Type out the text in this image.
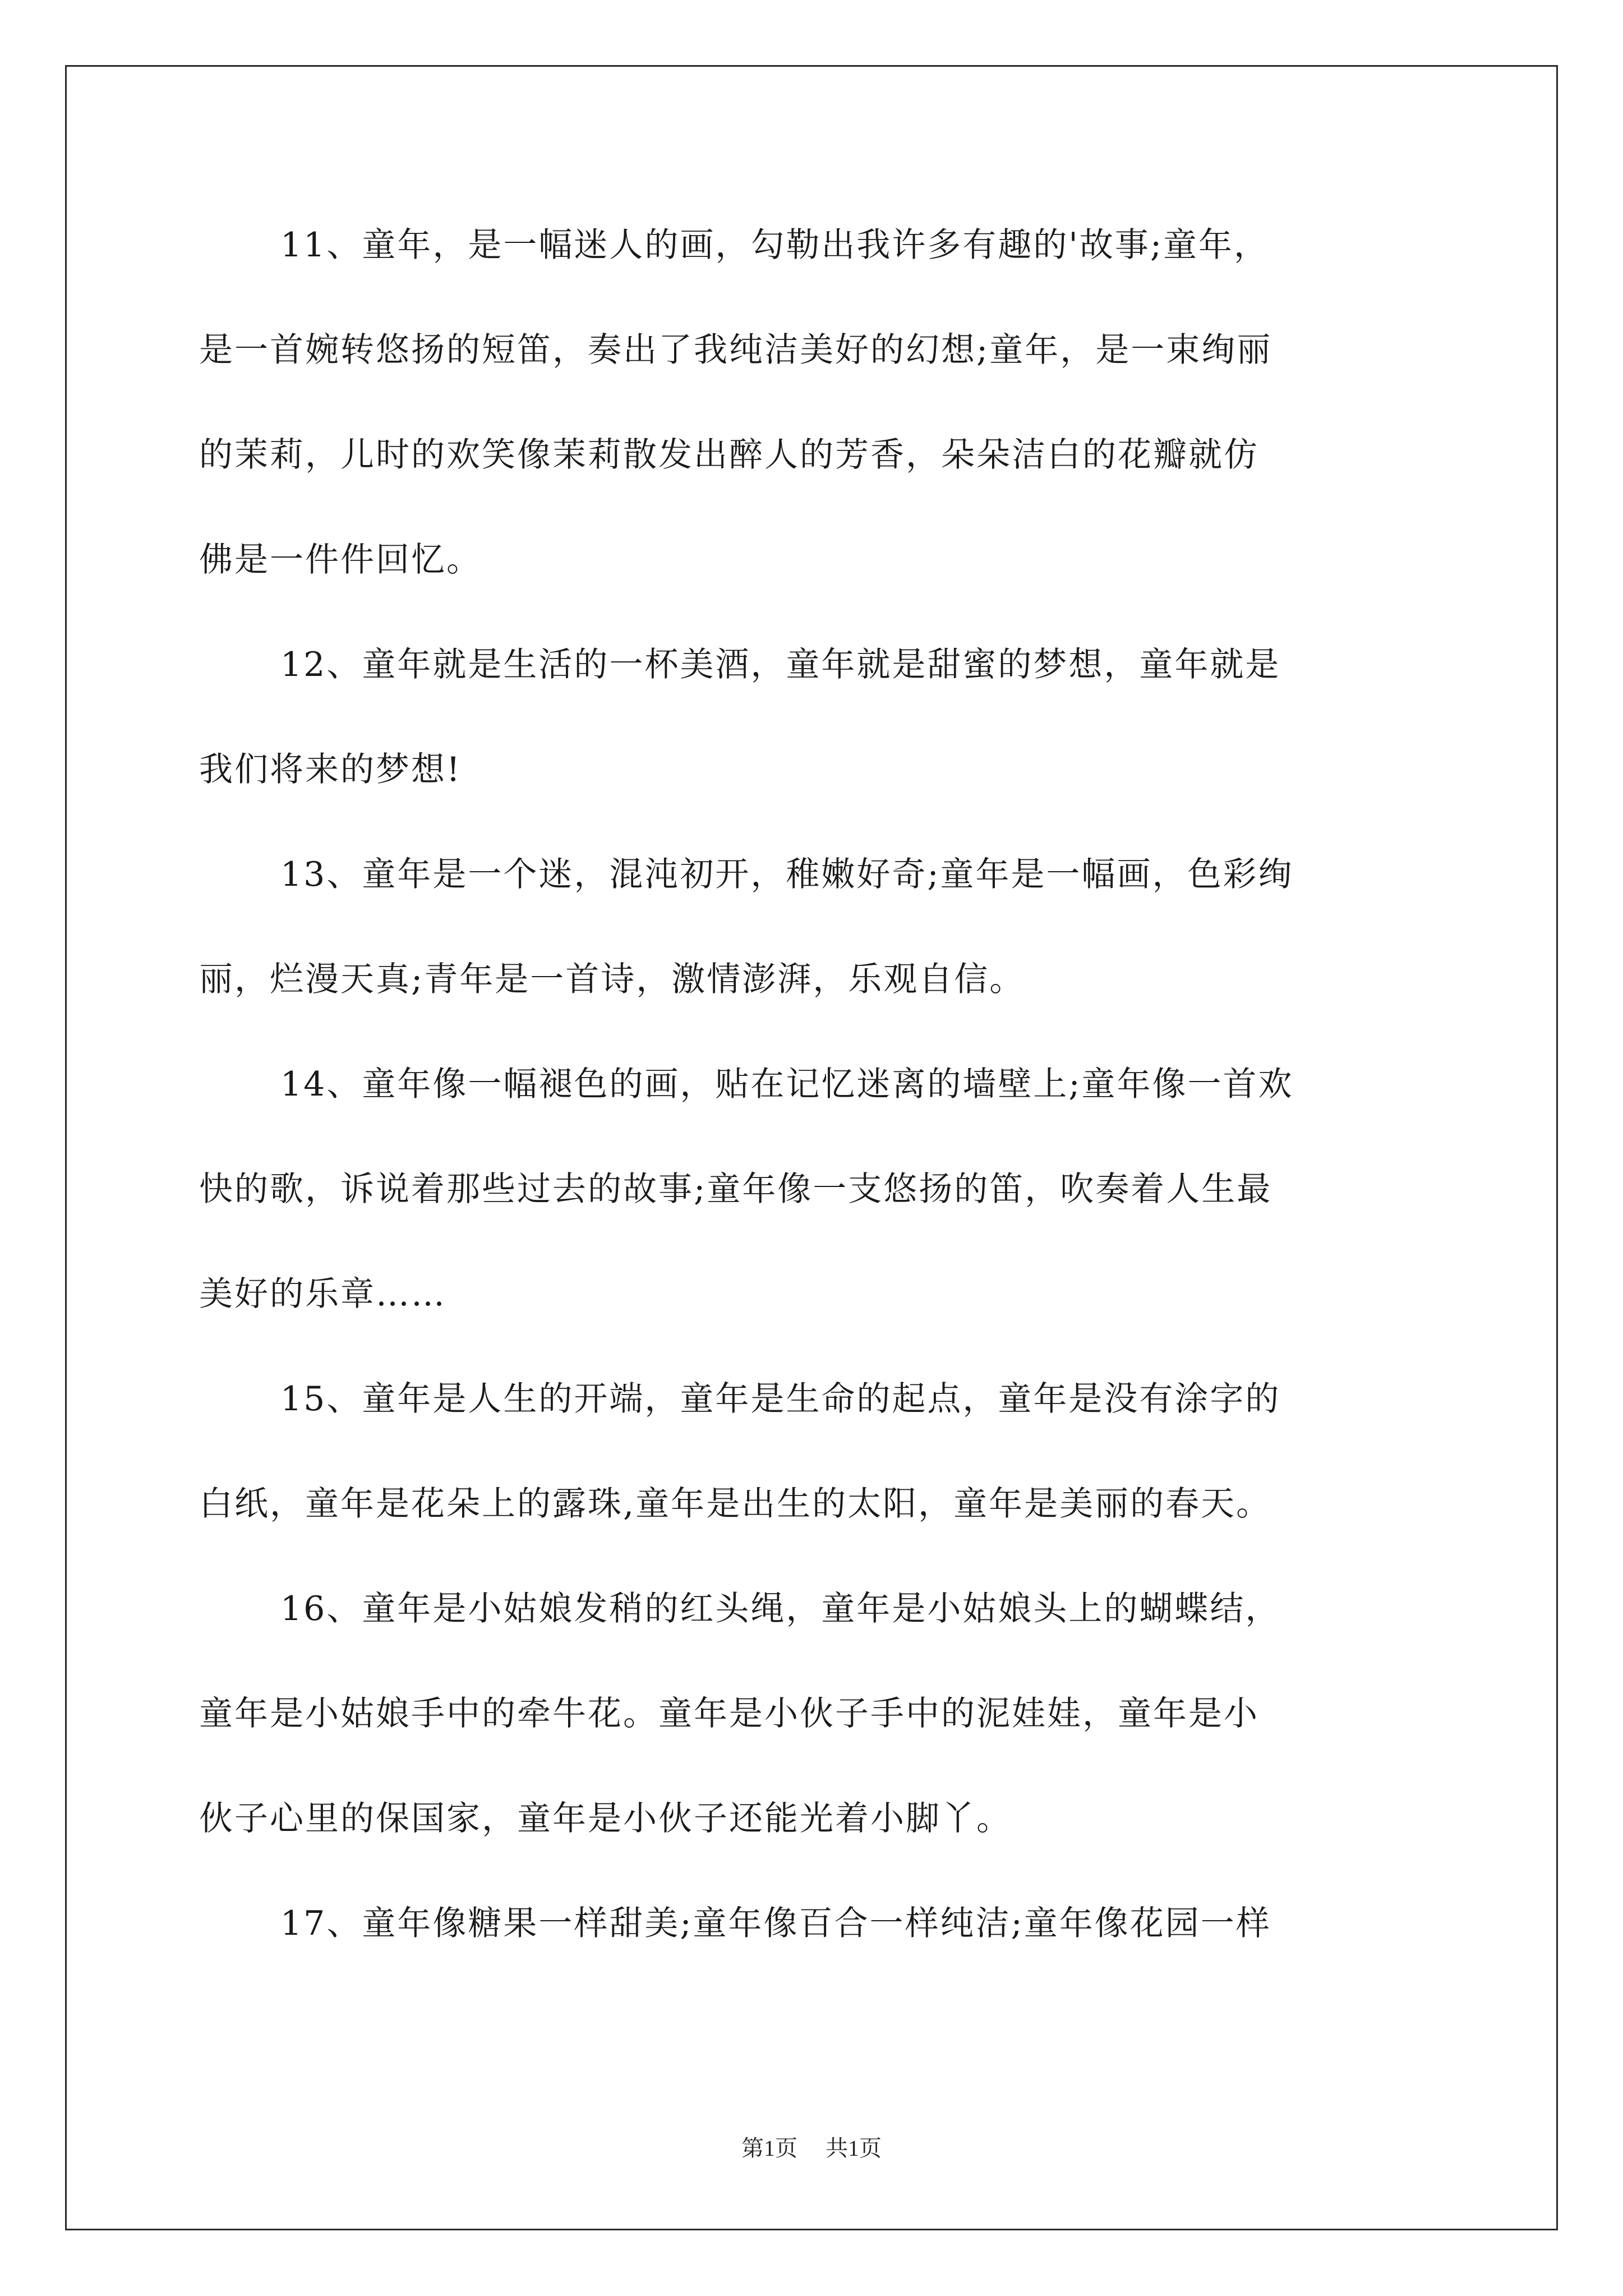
11、童年，是一幅迷人的画，勾勒出我许多有趣的'故事;童年，
是一首婉转悠扬的短笛，奏出了我纯洁美好的幻想;童年，是一束绚丽
的茉莉，儿时的欢笑像茉莉散发出醉人的芳香，朵朵洁白的花瓣就仿
佛是一件件回忆。
12、童年就是生活的一杯美酒，童年就是甜蜜的梦想，童年就是
我们将来的梦想!
13、童年是一个迷，混沌初开，稚嫩好奇;童年是一幅画，色彩绚
丽，烂漫天真;青年是一首诗，激情澎湃，乐观自信。
14、童年像一幅褪色的画，贴在记忆迷离的墙壁上;童年像一首欢
快的歌，诉说着那些过去的故事;童年像一支悠扬的笛，吹奏着人生最
美好的乐章……
15、童年是人生的开端，童年是生命的起点，童年是没有涂字的
白纸，童年是花朵上的露珠,童年是出生的太阳，童年是美丽的春天。
16、童年是小姑娘发稍的红头绳，童年是小姑娘头上的蝴蝶结，
童年是小姑娘手中的牵牛花。童年是小伙子手中的泥娃娃，童年是小
伙子心里的保国家，童年是小伙子还能光着小脚丫。
17、童年像糖果一样甜美;童年像百合一样纯洁;童年像花园一样
第1页 共1页
